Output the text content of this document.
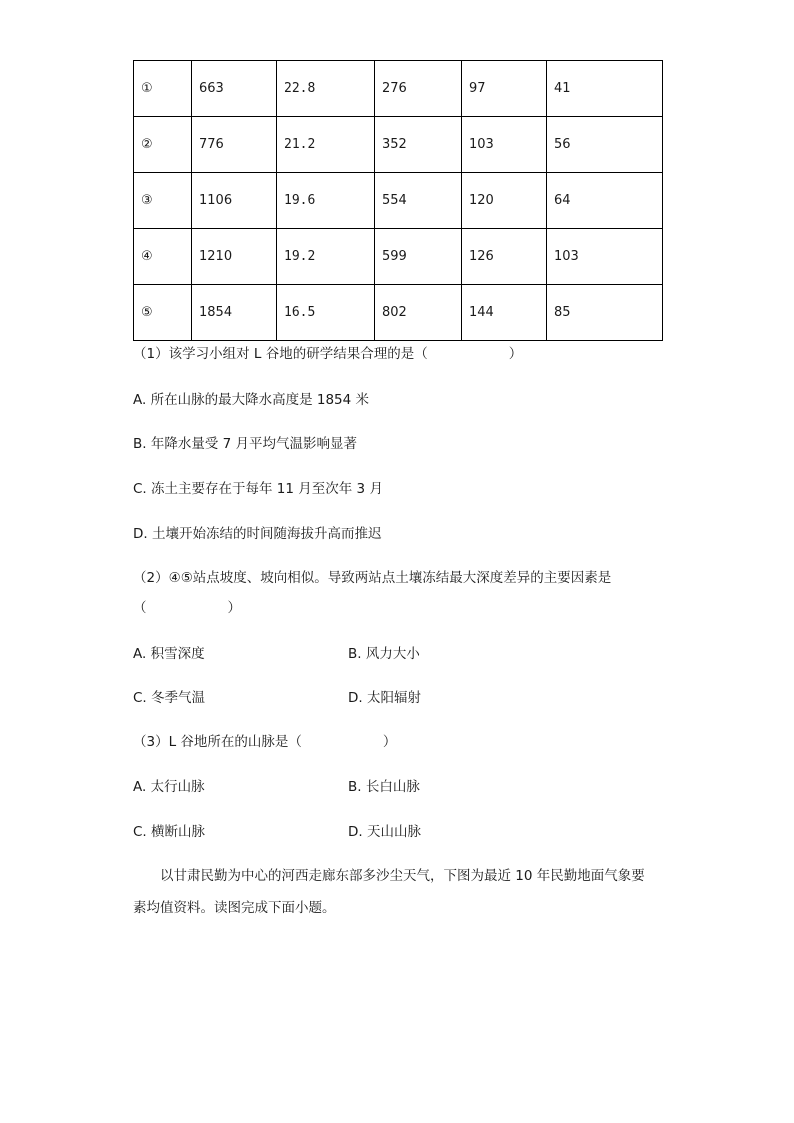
①	663	22.8	276	97	41
②	776	21.2	352	103	56
③	1106	19.6	554	120	64
④	1210	19.2	599	126	103
⑤	1854	16.5	802	144	85
（1）该学习小组对 L 谷地的研学结果合理的是（　　　　　　）
A. 所在山脉的最大降水高度是 1854 米
B. 年降水量受 7 月平均气温影响显著
C. 冻土主要存在于每年 11 月至次年 3 月
D. 土壤开始冻结的时间随海拔升高而推迟
（2）④⑤站点坡度、坡向相似。导致两站点土壤冻结最大深度差异的主要因素是
（　　　　　　）
A. 积雪深度	B. 风力大小
C. 冬季气温	D. 太阳辐射
（3）L 谷地所在的山脉是（　　　　　　）
A. 太行山脉	B. 长白山脉
C. 横断山脉	D. 天山山脉
以甘肃民勤为中心的河西走廊东部多沙尘天气，下图为最近 10 年民勤地面气象要
素均值资料。读图完成下面小题。
